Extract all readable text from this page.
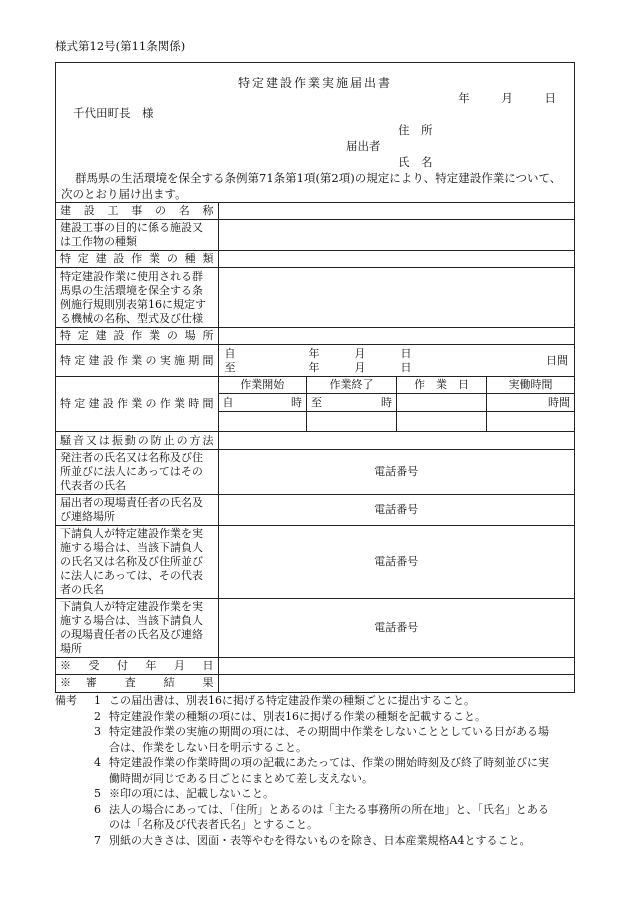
様式第12号(第11条関係)
特定建設作業実施届出書
年	月	日
千代田町長　様
住　所
届出者
氏　名
群馬県の生活環境を保全する条例第71条第1項(第2項)の規定により、特定建設作業について、次のとおり届け出ます。
建設工事の名称	
建設工事の目的に係る施設又は工作物の種類	
特定建設作業の種類	
特定建設作業に使用される群馬県の生活環境を保全する条例施行規則別表第16に規定する機械の名称、型式及び仕様	
特定建設作業の場所	
特定建設作業の実施期間	
自	年	月	日	日間
至	年	月	日

特定建設作業の作業時間	
作業開始	作業終了	作　業　日	実働時間

自	時	至	時		時間

騒音又は振動の防止の方法	
発注者の氏名又は名称及び住所並びに法人にあってはその代表者の氏名	電話番号
届出者の現場責任者の氏名及び連絡場所	電話番号
下請負人が特定建設作業を実施する場合は、当該下請負人の氏名又は名称及び住所並びに法人にあっては、その代表者の氏名	電話番号
下請負人が特定建設作業を実施する場合は、当該下請負人の現場責任者の氏名及び連絡場所	電話番号
※　受　付　年　月　日	
※　審　　査　　結　　果	
備考	1 この届出書は、別表16に掲げる特定建設作業の種類ごとに提出すること。
2 特定建設作業の種類の項には、別表16に掲げる作業の種類を記載すること。
3 特定建設作業の実施の期間の項には、その期間中作業をしないこととしている日がある場
合は、作業をしない日を明示すること。
4 特定建設作業の作業時間の項の記載にあたっては、作業の開始時刻及び終了時刻並びに実
働時間が同じである日ごとにまとめて差し支えない。
5 ※印の項には、記載しないこと。
6 法人の場合にあっては、「住所」とあるのは「主たる事務所の所在地」と、「氏名」とある
のは「名称及び代表者氏名」とすること。
7 別紙の大きさは、図面・表等やむを得ないものを除き、日本産業規格A4とすること。
